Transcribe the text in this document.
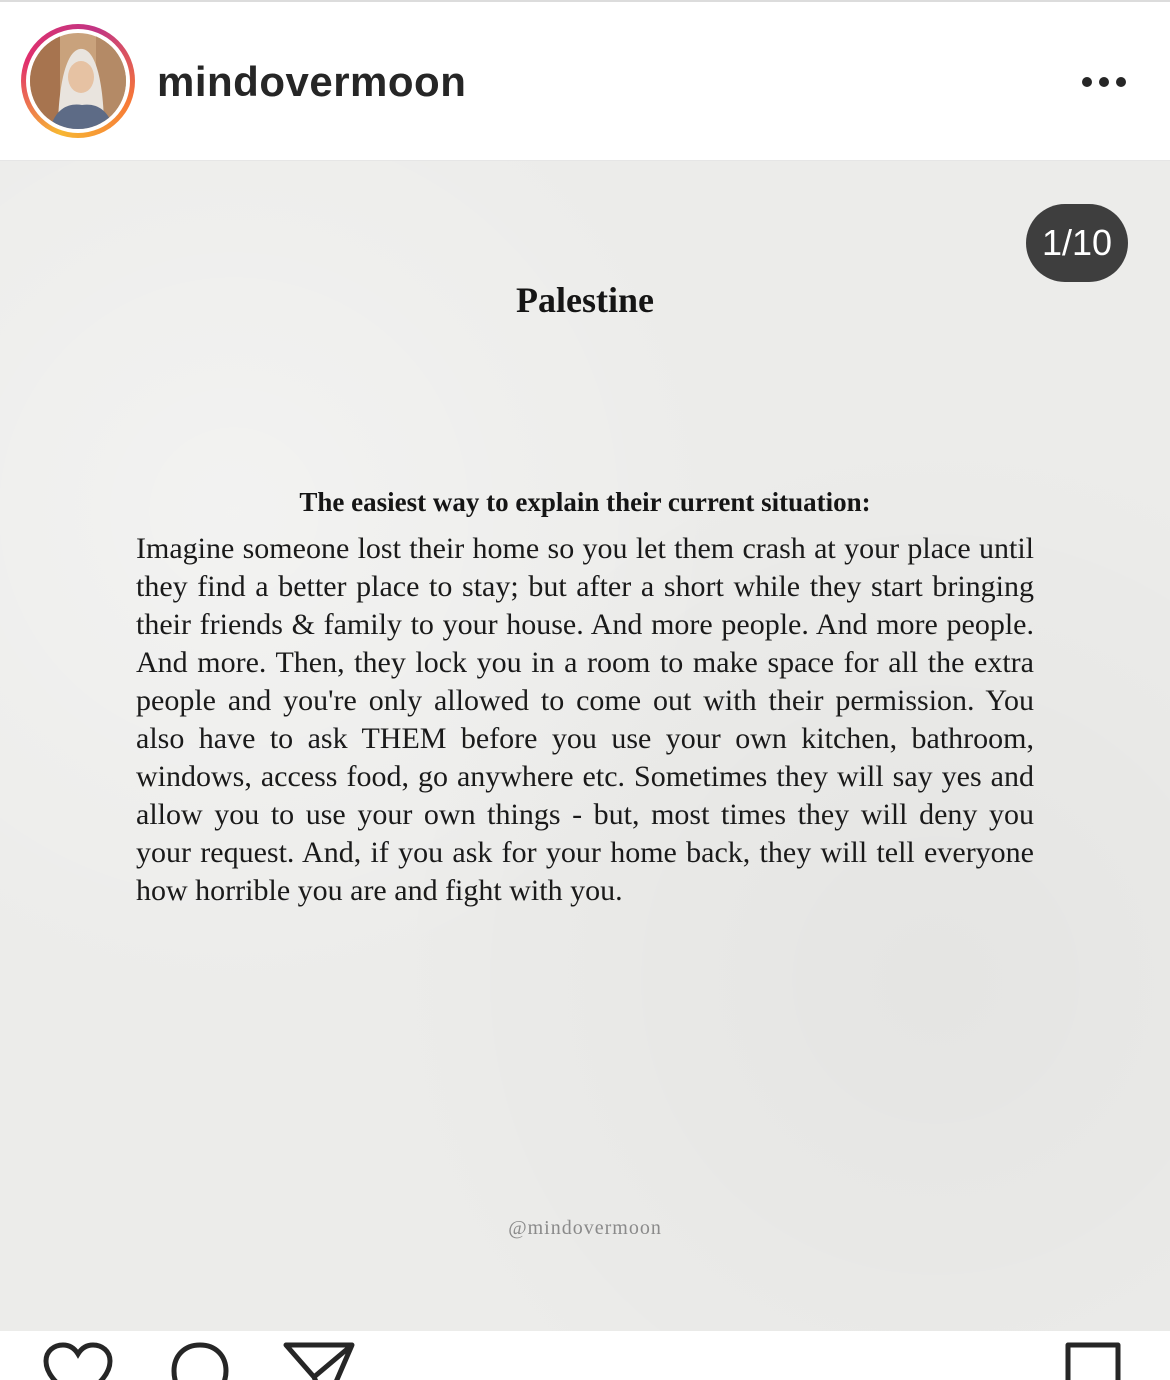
mindovermoon
1/10
Palestine
The easiest way to explain their current situation:

Imagine someone lost their home so you let them crash at your place until they find a better place to stay; but after a short while they start bringing their friends & family to your house. And more people. And more people. And more. Then, they lock you in a room to make space for all the extra people and you're only allowed to come out with their permission. You also have to ask THEM before you use your own kitchen, bathroom, windows, access food, go anywhere etc. Sometimes they will say yes and allow you to use your own things - but, most times they will deny you your request. And, if you ask for your home back, they will tell everyone how horrible you are and fight with you.

@mindovermoon
